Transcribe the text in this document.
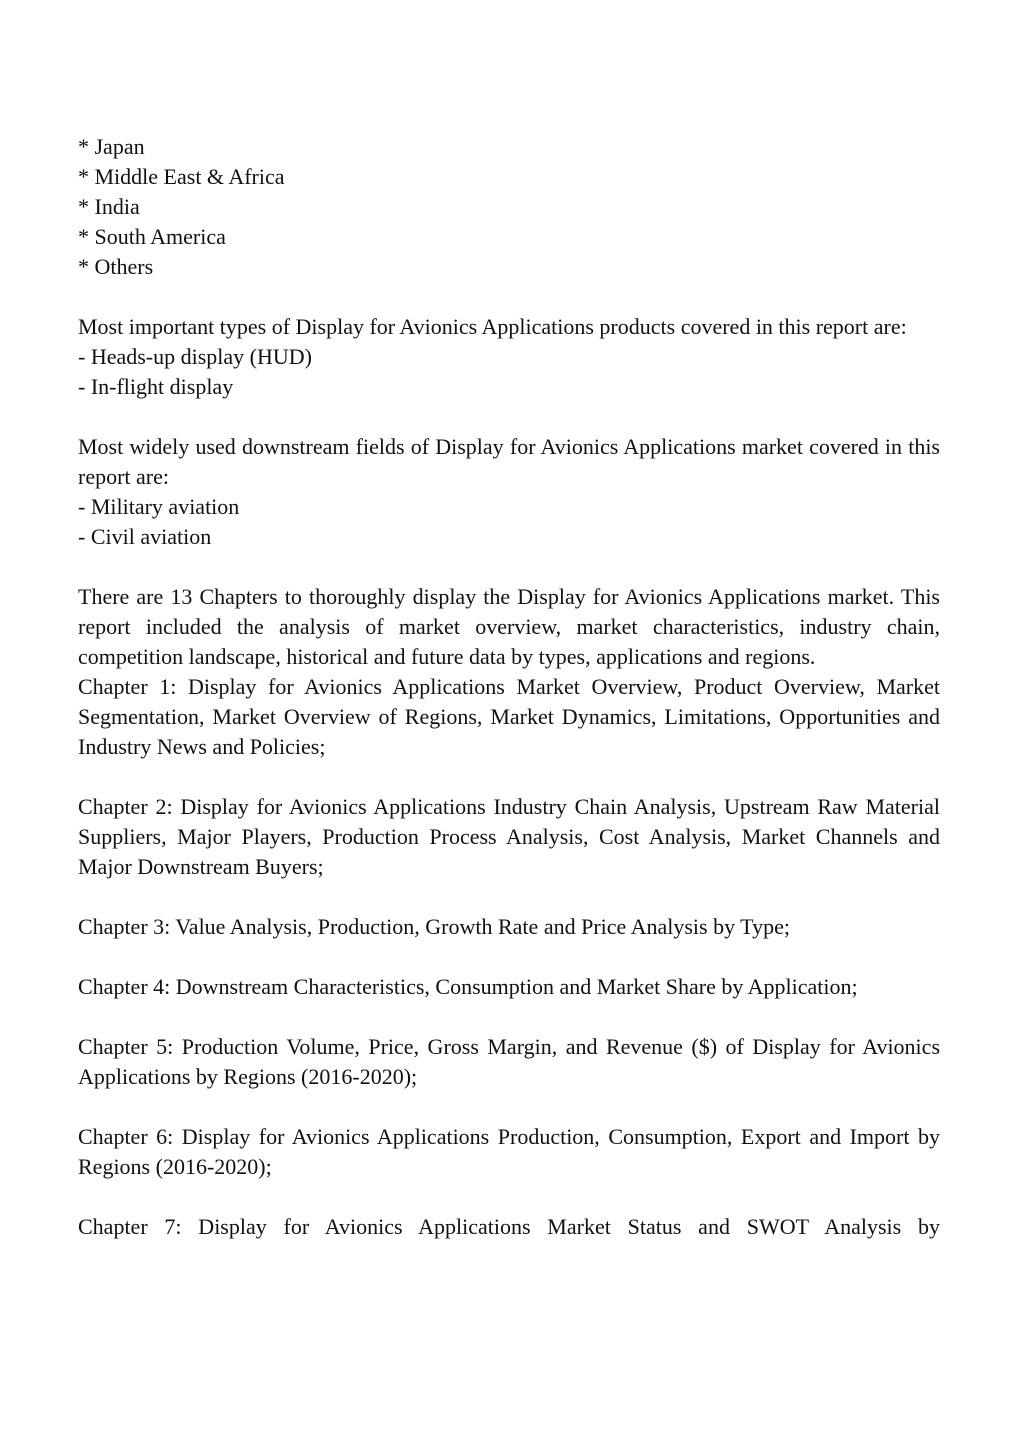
* Japan
* Middle East & Africa
* India
* South America
* Others
Most important types of Display for Avionics Applications products covered in this report are:
- Heads-up display (HUD)
- In-flight display
Most widely used downstream fields of Display for Avionics Applications market covered in this report are:
- Military aviation
- Civil aviation
There are 13 Chapters to thoroughly display the Display for Avionics Applications market. This report included the analysis of market overview, market characteristics, industry chain, competition landscape, historical and future data by types, applications and regions.
Chapter 1: Display for Avionics Applications Market Overview, Product Overview, Market Segmentation, Market Overview of Regions, Market Dynamics, Limitations, Opportunities and Industry News and Policies;
Chapter 2: Display for Avionics Applications Industry Chain Analysis, Upstream Raw Material Suppliers, Major Players, Production Process Analysis, Cost Analysis, Market Channels and Major Downstream Buyers;
Chapter 3: Value Analysis, Production, Growth Rate and Price Analysis by Type;
Chapter 4: Downstream Characteristics, Consumption and Market Share by Application;
Chapter 5: Production Volume, Price, Gross Margin, and Revenue ($) of Display for Avionics Applications by Regions (2016-2020);
Chapter 6: Display for Avionics Applications Production, Consumption, Export and Import by Regions (2016-2020);
Chapter 7: Display for Avionics Applications Market Status and SWOT Analysis by
